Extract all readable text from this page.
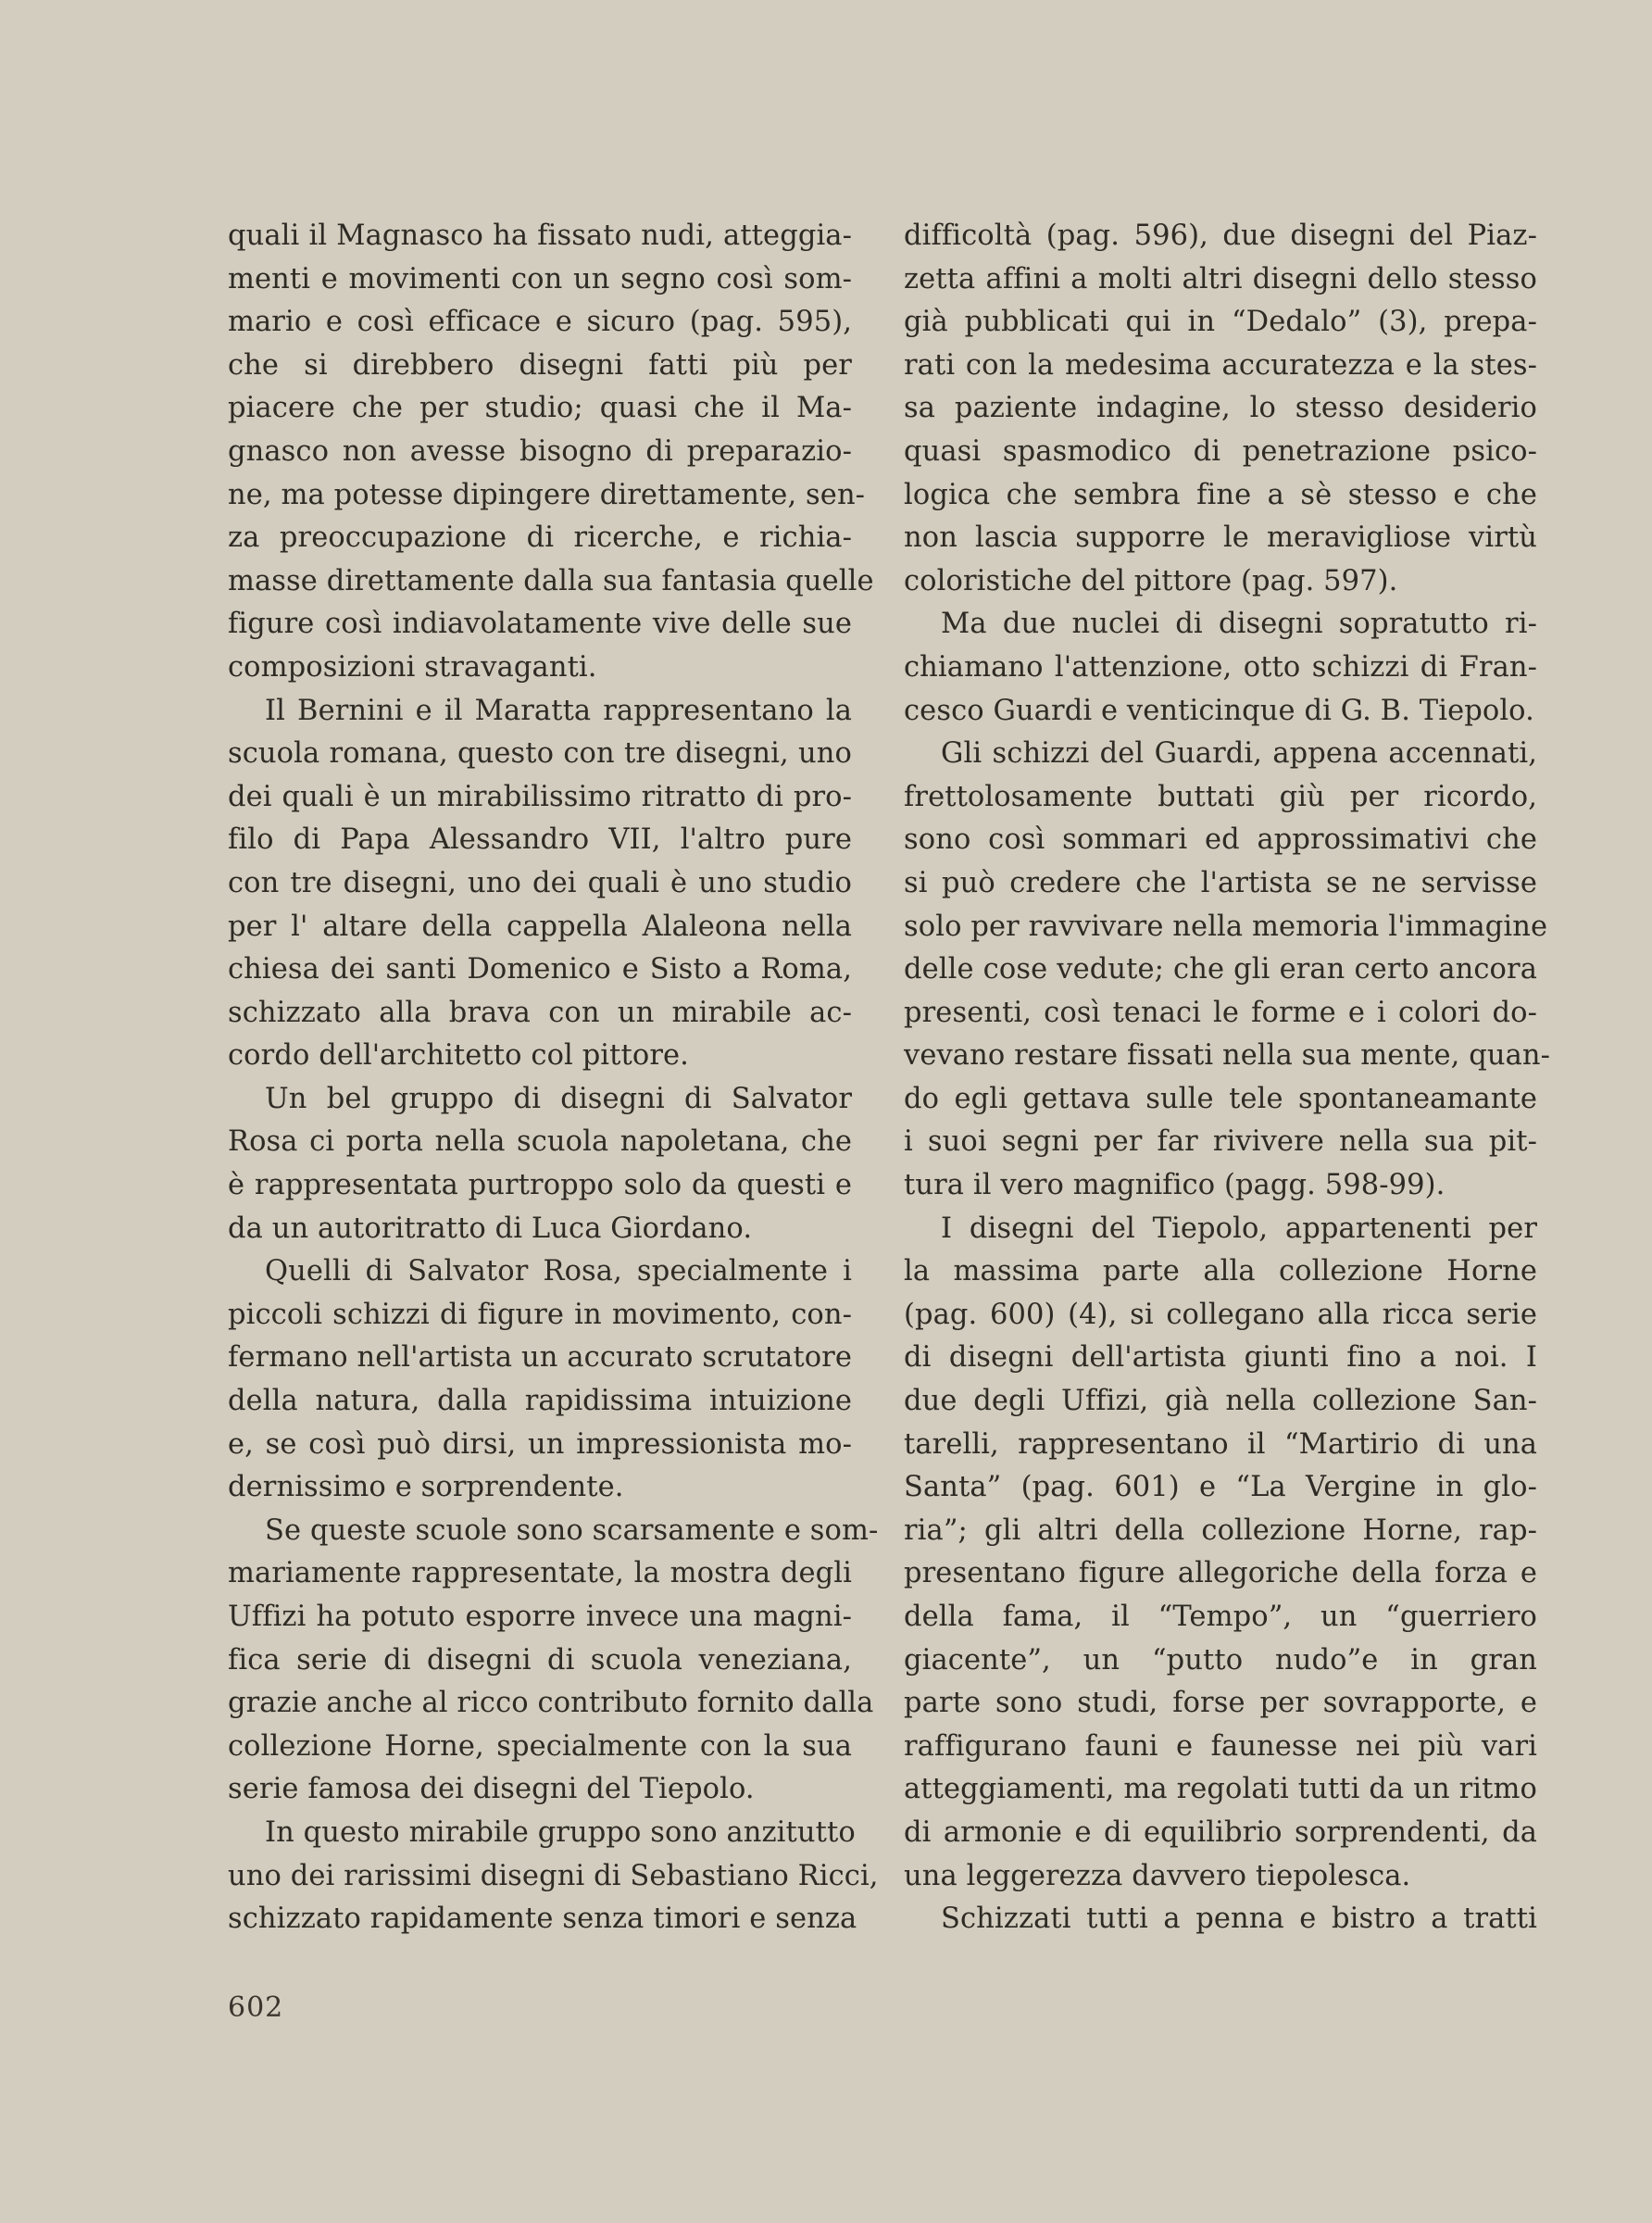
quali il Magnasco ha fissato nudi, atteggia-
menti e movimenti con un segno così som-
mario e così efficace e sicuro (pag. 595),
che si direbbero disegni fatti più per
piacere che per studio; quasi che il Ma-
gnasco non avesse bisogno di preparazio-
ne, ma potesse dipingere direttamente, sen-
za preoccupazione di ricerche, e richia-
masse direttamente dalla sua fantasia quelle
figure così indiavolatamente vive delle sue
composizioni stravaganti.
Il Bernini e il Maratta rappresentano la
scuola romana, questo con tre disegni, uno
dei quali è un mirabilissimo ritratto di pro-
filo di Papa Alessandro VII, l'altro pure
con tre disegni, uno dei quali è uno studio
per l' altare della cappella Alaleona nella
chiesa dei santi Domenico e Sisto a Roma,
schizzato alla brava con un mirabile ac-
cordo dell'architetto col pittore.
Un bel gruppo di disegni di Salvator
Rosa ci porta nella scuola napoletana, che
è rappresentata purtroppo solo da questi e
da un autoritratto di Luca Giordano.
Quelli di Salvator Rosa, specialmente i
piccoli schizzi di figure in movimento, con-
fermano nell'artista un accurato scrutatore
della natura, dalla rapidissima intuizione
e, se così può dirsi, un impressionista mo-
dernissimo e sorprendente.
Se queste scuole sono scarsamente e som-
mariamente rappresentate, la mostra degli
Uffizi ha potuto esporre invece una magni-
fica serie di disegni di scuola veneziana,
grazie anche al ricco contributo fornito dalla
collezione Horne, specialmente con la sua
serie famosa dei disegni del Tiepolo.
In questo mirabile gruppo sono anzitutto
uno dei rarissimi disegni di Sebastiano Ricci,
schizzato rapidamente senza timori e senza
difficoltà (pag. 596), due disegni del Piaz-
zetta affini a molti altri disegni dello stesso
già pubblicati qui in “Dedalo” (3), prepa-
rati con la medesima accuratezza e la stes-
sa paziente indagine, lo stesso desiderio
quasi spasmodico di penetrazione psico-
logica che sembra fine a sè stesso e che
non lascia supporre le meravigliose virtù
coloristiche del pittore (pag. 597).
Ma due nuclei di disegni sopratutto ri-
chiamano l'attenzione, otto schizzi di Fran-
cesco Guardi e venticinque di G. B. Tiepolo.
Gli schizzi del Guardi, appena accennati,
frettolosamente buttati giù per ricordo,
sono così sommari ed approssimativi che
si può credere che l'artista se ne servisse
solo per ravvivare nella memoria l'immagine
delle cose vedute; che gli eran certo ancora
presenti, così tenaci le forme e i colori do-
vevano restare fissati nella sua mente, quan-
do egli gettava sulle tele spontaneamante
i suoi segni per far rivivere nella sua pit-
tura il vero magnifico (pagg. 598-99).
I disegni del Tiepolo, appartenenti per
la massima parte alla collezione Horne
(pag. 600) (4), si collegano alla ricca serie
di disegni dell'artista giunti fino a noi. I
due degli Uffizi, già nella collezione San-
tarelli, rappresentano il “Martirio di una
Santa” (pag. 601) e “La Vergine in glo-
ria”; gli altri della collezione Horne, rap-
presentano figure allegoriche della forza e
della fama, il “Tempo”, un “guerriero
giacente”, un “putto nudo”e in gran
parte sono studi, forse per sovrapporte, e
raffigurano fauni e faunesse nei più vari
atteggiamenti, ma regolati tutti da un ritmo
di armonie e di equilibrio sorprendenti, da
una leggerezza davvero tiepolesca.
Schizzati tutti a penna e bistro a tratti
602
